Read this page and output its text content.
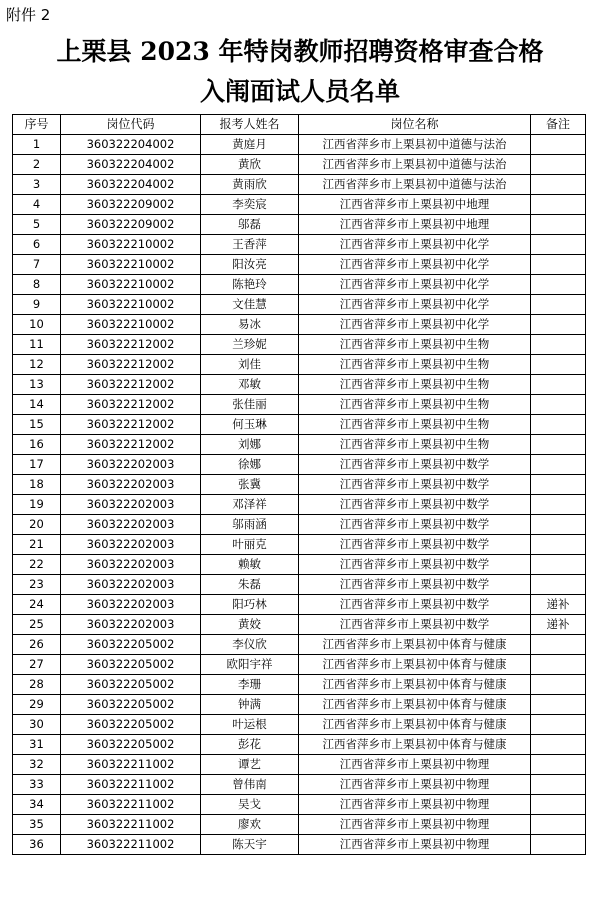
附件 2
上栗县 2023 年特岗教师招聘资格审查合格
入闱面试人员名单
序号	岗位代码	报考人姓名	岗位名称	备注
1	360322204002	黄庭月	江西省萍乡市上栗县初中道德与法治	
2	360322204002	黄欣	江西省萍乡市上栗县初中道德与法治	
3	360322204002	黄雨欣	江西省萍乡市上栗县初中道德与法治	
4	360322209002	李奕宸	江西省萍乡市上栗县初中地理	
5	360322209002	邬磊	江西省萍乡市上栗县初中地理	
6	360322210002	王香萍	江西省萍乡市上栗县初中化学	
7	360322210002	阳汝亮	江西省萍乡市上栗县初中化学	
8	360322210002	陈艳玲	江西省萍乡市上栗县初中化学	
9	360322210002	文佳慧	江西省萍乡市上栗县初中化学	
10	360322210002	易冰	江西省萍乡市上栗县初中化学	
11	360322212002	兰珍妮	江西省萍乡市上栗县初中生物	
12	360322212002	刘佳	江西省萍乡市上栗县初中生物	
13	360322212002	邓敏	江西省萍乡市上栗县初中生物	
14	360322212002	张佳丽	江西省萍乡市上栗县初中生物	
15	360322212002	何玉琳	江西省萍乡市上栗县初中生物	
16	360322212002	刘娜	江西省萍乡市上栗县初中生物	
17	360322202003	徐娜	江西省萍乡市上栗县初中数学	
18	360322202003	张冀	江西省萍乡市上栗县初中数学	
19	360322202003	邓泽祥	江西省萍乡市上栗县初中数学	
20	360322202003	邬雨涵	江西省萍乡市上栗县初中数学	
21	360322202003	叶丽克	江西省萍乡市上栗县初中数学	
22	360322202003	赖敏	江西省萍乡市上栗县初中数学	
23	360322202003	朱磊	江西省萍乡市上栗县初中数学	
24	360322202003	阳巧林	江西省萍乡市上栗县初中数学	递补
25	360322202003	黄姣	江西省萍乡市上栗县初中数学	递补
26	360322205002	李仪欣	江西省萍乡市上栗县初中体育与健康	
27	360322205002	欧阳宇祥	江西省萍乡市上栗县初中体育与健康	
28	360322205002	李珊	江西省萍乡市上栗县初中体育与健康	
29	360322205002	钟满	江西省萍乡市上栗县初中体育与健康	
30	360322205002	叶运根	江西省萍乡市上栗县初中体育与健康	
31	360322205002	彭花	江西省萍乡市上栗县初中体育与健康	
32	360322211002	谭艺	江西省萍乡市上栗县初中物理	
33	360322211002	曾伟南	江西省萍乡市上栗县初中物理	
34	360322211002	吴戈	江西省萍乡市上栗县初中物理	
35	360322211002	廖欢	江西省萍乡市上栗县初中物理	
36	360322211002	陈天宇	江西省萍乡市上栗县初中物理	
